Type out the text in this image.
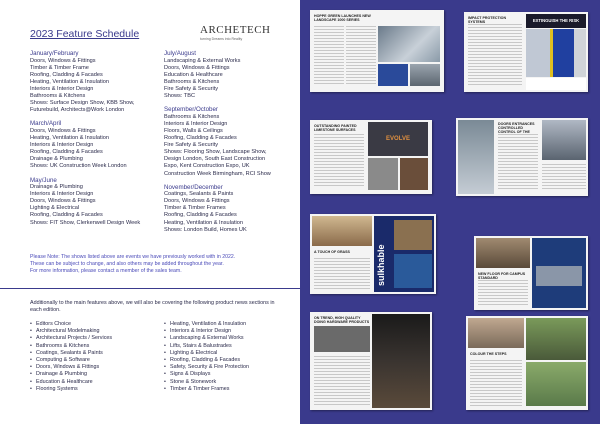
2023 Feature Schedule	ARCHETECH
turning Dreams into Reality
January/February
Doors, Windows & Fittings
Timber & Timber Frame
Roofing, Cladding & Facades
Heating, Ventilation & Insulation
Interiors & Interior Design
Bathrooms & Kitchens
Shows: Surface Design Show, KBB Show,
Futurebuild, Architects@Work London
March/April
Doors, Windows & Fittings
Heating, Ventilation & Insulation
Interiors & Interior Design
Roofing, Cladding & Facades
Drainage & Plumbing
Shows: UK Construction Week London
May/June
Drainage & Plumbing
Interiors & Interior Design
Doors, Windows & Fittings
Lighting & Electrical
Roofing, Cladding & Facades
Shows: FIT Show, Clerkenwell Design Week
July/August
Landscaping & External Works
Doors, Windows & Fittings
Education & Healthcare
Bathrooms & Kitchens
Fire Safety & Security
Shows: TBC
September/October
Bathrooms & Kitchens
Interiors & Interior Design
Floors, Walls & Ceilings
Roofing, Cladding & Facades
Fire Safety & Security
Shows: Flooring Show, Landscape Show,
Design London, South East Construction
Expo, Kent Construction Expo, UK
Construction Week Birmingham, RCI Show
November/December
Coatings, Sealants & Paints
Doors, Windows & Fittings
Timber & Timber Frames
Roofing, Cladding & Facades
Heating, Ventilation & Insulation
Shows: London Build, Homes UK
Please Note: The shows listed above are events we have previously worked with in 2022.
These can be subject to change, and also others may be added throughout the year.
For more information, please contact a member of the sales team.
Additionally to the main features above, we will also be covering the following product news sections in each edition.
• Editors Choice
• Architectural Modelmaking
• Architectural Projects / Services
• Bathrooms & Kitchens
• Coatings, Sealants & Paints
• Computing & Software
• Doors, Windows & Fittings
• Drainage & Plumbing
• Education & Healthcare
• Flooring Systems
• Heating, Ventilation & Insulation
• Interiors & Interior Design
• Landscaping & External Works
• Lifts, Stairs & Balustrades
• Lighting & Electrical
• Roofing, Cladding & Facades
• Safety, Security & Fire Protection
• Signs & Displays
• Stone & Stonework
• Timber & Timber Frames
HOPPE GREEN LAUNCHES NEW LANDSCAPE 1000 SERIES
IMPACT PROTECTION SYSTEMS	EXTINGUISH THE RISK
OUTSTANDING PAINTED LIMESTONE SURFACES
EVOLVE
DOORS ENTRANCES CONTROLLED CONTROL OF THE
A TOUCH OF GRASS	sulkhable	NEW FLOOR FOR CAMPUS STANDARD
ON TREND, HIGH QUALITY DOING HARDWARE PRODUCTS
COLOUR THE STEPS
